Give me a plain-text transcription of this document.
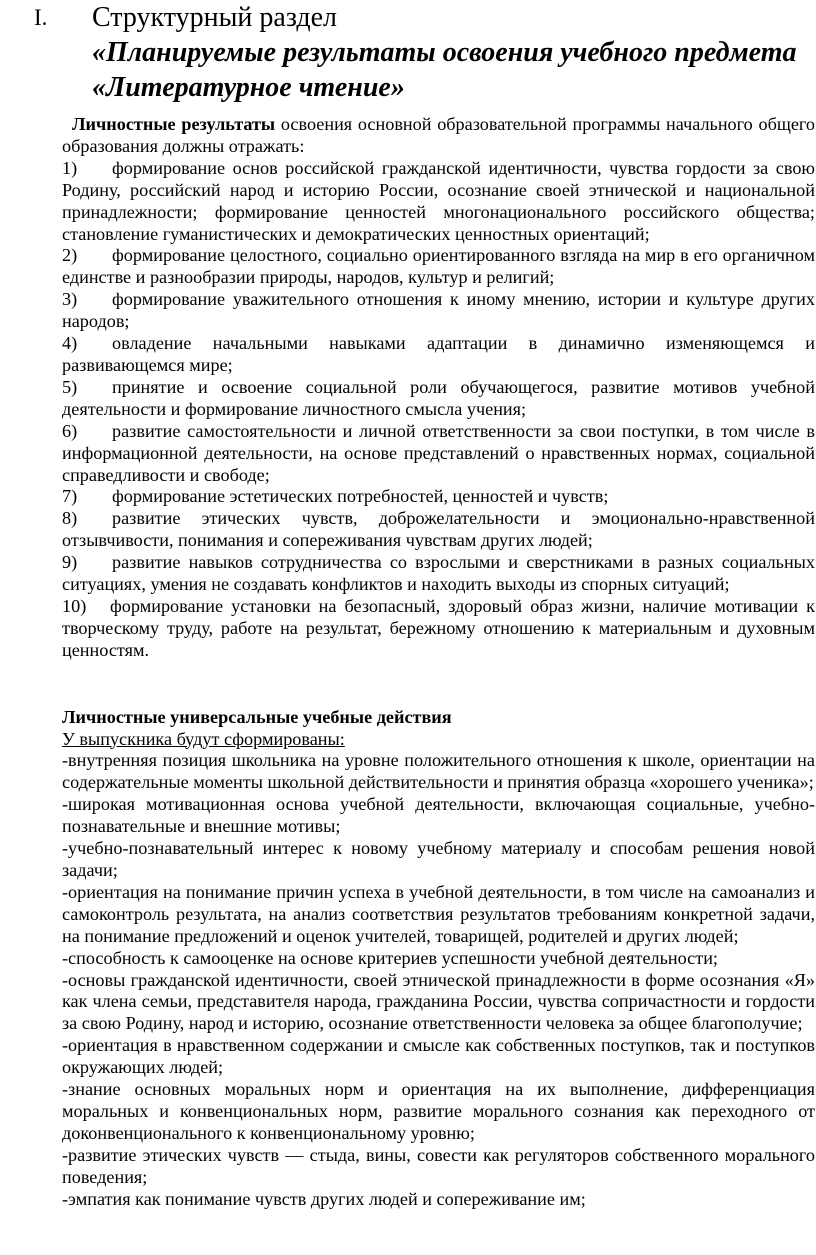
I. Структурный раздел
«Планируемые результаты освоения учебного предмета
«Литературное чтение»

Личностные результаты освоения основной образовательной программы начального общего образования должны отражать:

1) формирование основ российской гражданской идентичности, чувства гордости за свою Родину, российский народ и историю России, осознание своей этнической и национальной принадлежности; формирование ценностей многонационального российского общества; становление гуманистических и демократических ценностных ориентаций;

2) формирование целостного, социально ориентированного взгляда на мир в его органичном единстве и разнообразии природы, народов, культур и религий;

3) формирование уважительного отношения к иному мнению, истории и культуре других народов;

4) овладение начальными навыками адаптации в динамично изменяющемся и развивающемся мире;

5) принятие и освоение социальной роли обучающегося, развитие мотивов учебной деятельности и формирование личностного смысла учения;

6) развитие самостоятельности и личной ответственности за свои поступки, в том числе в информационной деятельности, на основе представлений о нравственных нормах, социальной справедливости и свободе;

7) формирование эстетических потребностей, ценностей и чувств;

8) развитие этических чувств, доброжелательности и эмоционально-нравственной отзывчивости, понимания и сопереживания чувствам других людей;

9) развитие навыков сотрудничества со взрослыми и сверстниками в разных социальных ситуациях, умения не создавать конфликтов и находить выходы из спорных ситуаций;

10) формирование установки на безопасный, здоровый образ жизни, наличие мотивации к творческому труду, работе на результат, бережному отношению к материальным и духовным ценностям.

Личностные универсальные учебные действия

У выпускника будут сформированы:

-внутренняя позиция школьника на уровне положительного отношения к школе, ориентации на содержательные моменты школьной действительности и принятия образца «хорошего ученика»;

-широкая мотивационная основа учебной деятельности, включающая социальные, учебно-познавательные и внешние мотивы;

-учебно-познавательный интерес к новому учебному материалу и способам решения новой задачи;

-ориентация на понимание причин успеха в учебной деятельности, в том числе на самоанализ и самоконтроль результата, на анализ соответствия результатов требованиям конкретной задачи, на понимание предложений и оценок учителей, товарищей, родителей и других людей;

-способность к самооценке на основе критериев успешности учебной деятельности;

-основы гражданской идентичности, своей этнической принадлежности в форме осознания «Я» как члена семьи, представителя народа, гражданина России, чувства сопричастности и гордости за свою Родину, народ и историю, осознание ответственности человека за общее благополучие;

-ориентация в нравственном содержании и смысле как собственных поступков, так и поступков окружающих людей;

-знание основных моральных норм и ориентация на их выполнение, дифференциация моральных и конвенциональных норм, развитие морального сознания как переходного от доконвенционального к конвенциональному уровню;

-развитие этических чувств — стыда, вины, совести как регуляторов собственного морального поведения;

-эмпатия как понимание чувств других людей и сопереживание им;
